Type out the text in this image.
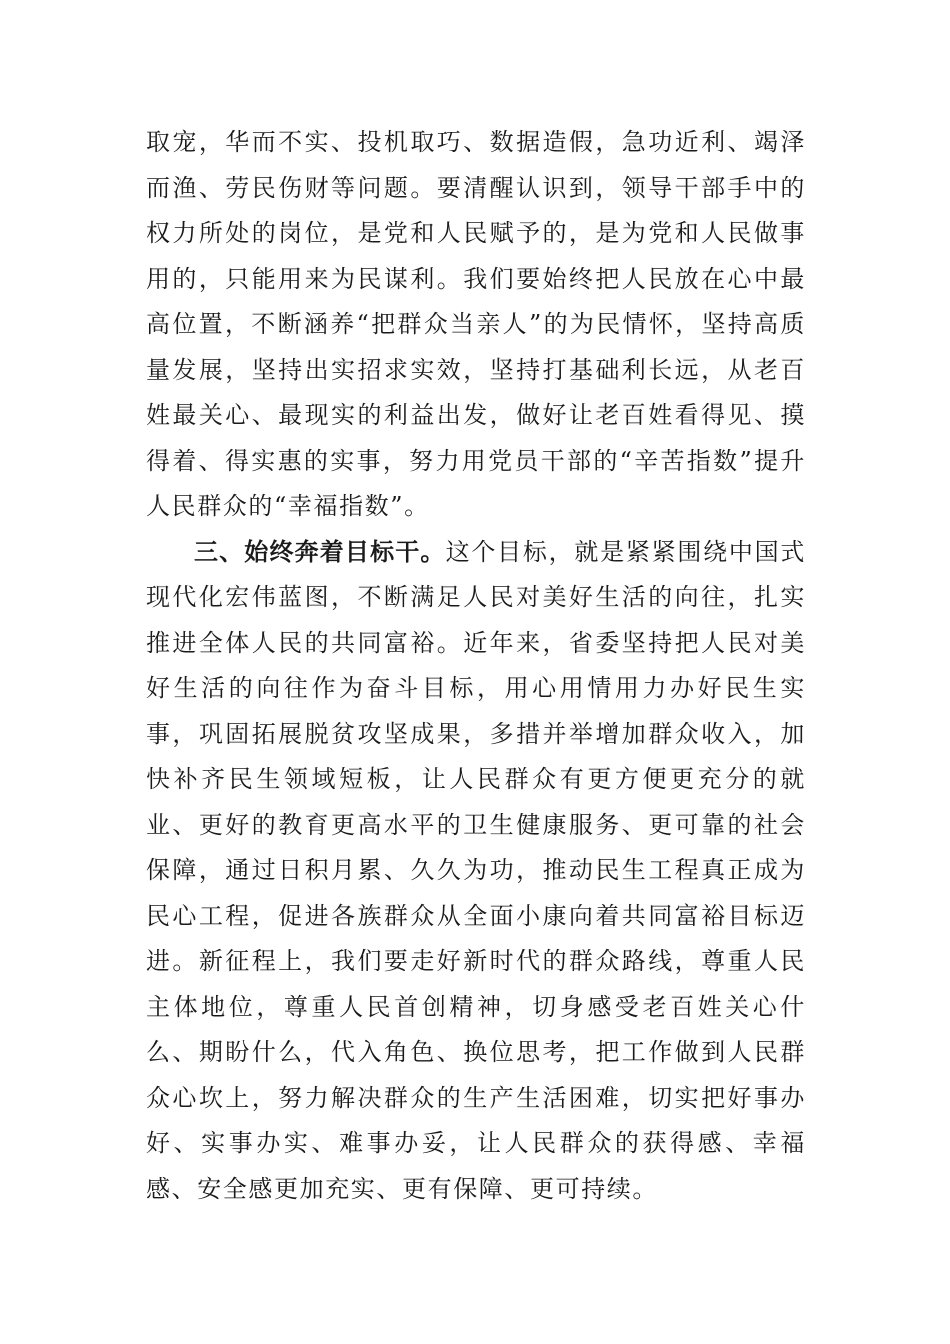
取宠，华而不实、投机取巧、数据造假，急功近利、竭泽而渔、劳民伤财等问题。要清醒认识到，领导干部手中的权力所处的岗位，是党和人民赋予的，是为党和人民做事用的，只能用来为民谋利。我们要始终把人民放在心中最高位置，不断涵养“把群众当亲人”的为民情怀，坚持高质量发展，坚持出实招求实效，坚持打基础利长远，从老百姓最关心、最现实的利益出发，做好让老百姓看得见、摸得着、得实惠的实事，努力用党员干部的“辛苦指数”提升人民群众的“幸福指数”。

三、始终奔着目标干。这个目标，就是紧紧围绕中国式现代化宏伟蓝图，不断满足人民对美好生活的向往，扎实推进全体人民的共同富裕。近年来，省委坚持把人民对美好生活的向往作为奋斗目标，用心用情用力办好民生实事，巩固拓展脱贫攻坚成果，多措并举增加群众收入，加快补齐民生领域短板，让人民群众有更方便更充分的就业、更好的教育更高水平的卫生健康服务、更可靠的社会保障，通过日积月累、久久为功，推动民生工程真正成为民心工程，促进各族群众从全面小康向着共同富裕目标迈进。新征程上，我们要走好新时代的群众路线，尊重人民主体地位，尊重人民首创精神，切身感受老百姓关心什么、期盼什么，代入角色、换位思考，把工作做到人民群众心坎上，努力解决群众的生产生活困难，切实把好事办好、实事办实、难事办妥，让人民群众的获得感、幸福感、安全感更加充实、更有保障、更可持续。
